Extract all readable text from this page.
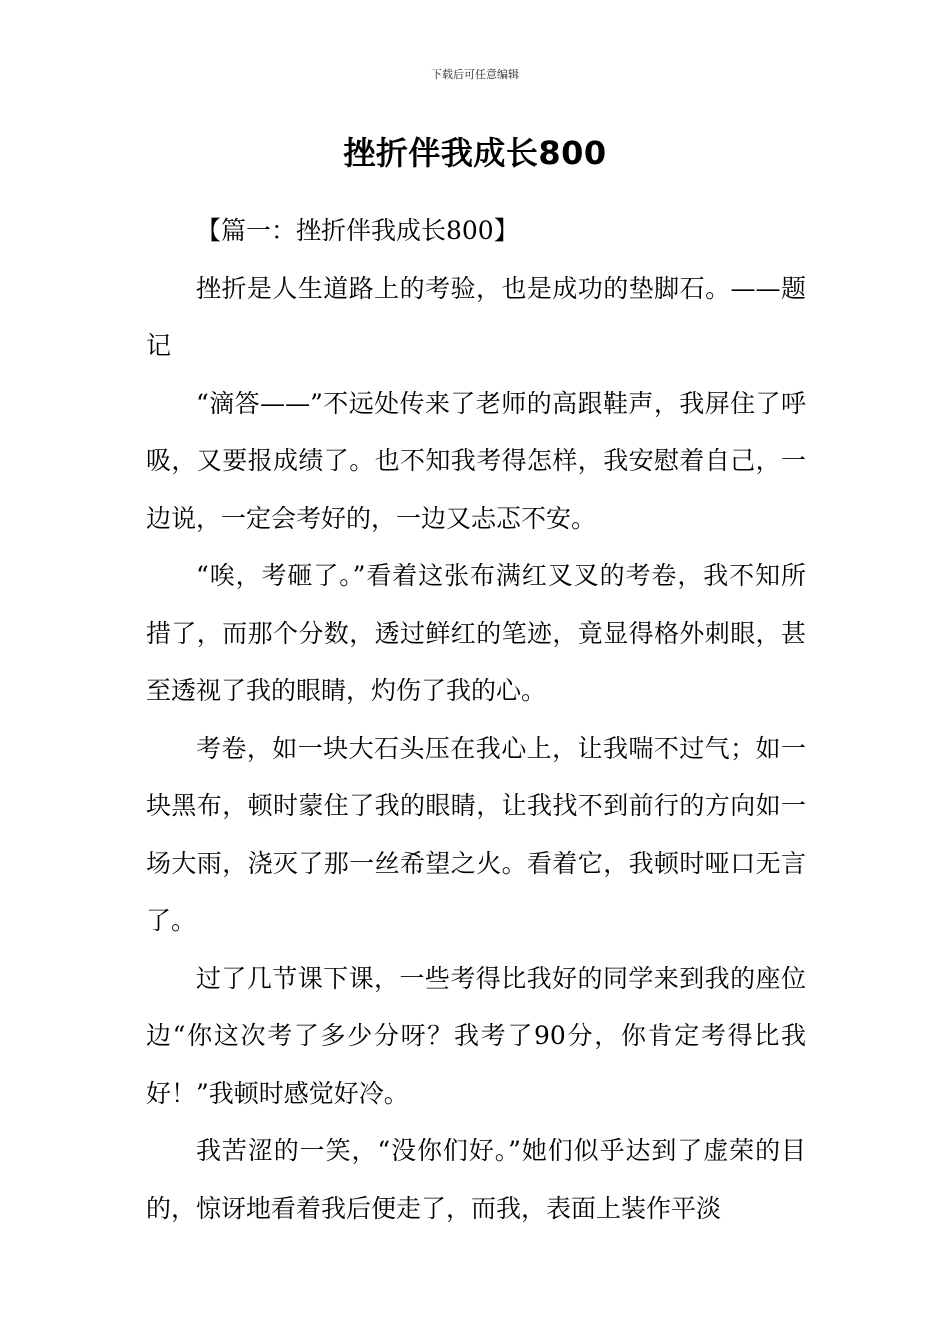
下载后可任意编辑
挫折伴我成长800

【篇一：挫折伴我成长800】

挫折是人生道路上的考验，也是成功的垫脚石。——题记

“滴答——”不远处传来了老师的高跟鞋声，我屏住了呼吸，又要报成绩了。也不知我考得怎样，我安慰着自己，一边说，一定会考好的，一边又忐忑不安。

“唉，考砸了。”看着这张布满红叉叉的考卷，我不知所措了，而那个分数，透过鲜红的笔迹，竟显得格外刺眼，甚至透视了我的眼睛，灼伤了我的心。

考卷，如一块大石头压在我心上，让我喘不过气；如一块黑布，顿时蒙住了我的眼睛，让我找不到前行的方向如一场大雨，浇灭了那一丝希望之火。看着它，我顿时哑口无言了。

过了几节课下课，一些考得比我好的同学来到我的座位边“你这次考了多少分呀？我考了90分，你肯定考得比我好！”我顿时感觉好冷。

我苦涩的一笑，“没你们好。”她们似乎达到了虚荣的目的，惊讶地看着我后便走了，而我，表面上装作平淡
